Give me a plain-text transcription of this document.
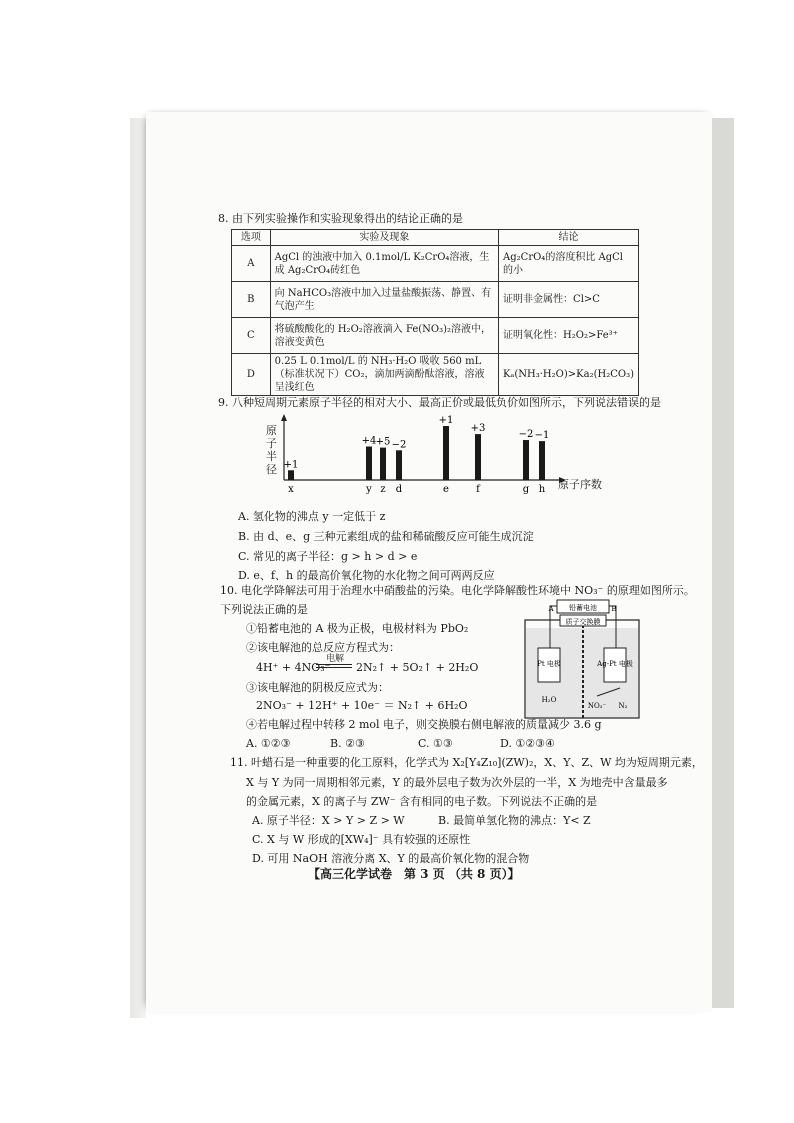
8. 由下列实验操作和实验现象得出的结论正确的是
选项	实验及现象	结论
A	AgCl 的浊液中加入 0.1mol/L K₂CrO₄溶液，生成 Ag₂CrO₄砖红色	Ag₂CrO₄的溶度积比 AgCl 的小
B	向 NaHCO₃溶液中加入过量盐酸振荡、静置、有气泡产生	证明非金属性：Cl>C
C	将硫酸酸化的 H₂O₂溶液滴入 Fe(NO₃)₂溶液中，溶液变黄色	证明氧化性：H₂O₂>Fe³⁺
D	0.25 L 0.1mol/L 的 NH₃·H₂O 吸收 560 mL（标准状况下）CO₂，滴加两滴酚酞溶液，溶液呈浅红色	Kₐ(NH₃·H₂O)>Ka₂(H₂CO₃)
9. 八种短周期元素原子半径的相对大小、最高正价或最低负价如图所示，下列说法错误的是
+1
x
+4
y
+5
z
−2
d
+1
e
+3
f
−2
g
−1
h
原子半径
原子序数
A. 氢化物的沸点 y 一定低于 z
B. 由 d、e、g 三种元素组成的盐和稀硫酸反应可能生成沉淀
C. 常见的离子半径：g > h > d > e
D. e、f、h 的最高价氧化物的水化物之间可两两反应
10. 电化学降解法可用于治理水中硝酸盐的污染。电化学降解酸性环境中 NO₃⁻ 的原理如图所示。
下列说法正确的是
①铅蓄电池的 A 极为正极，电极材料为 PbO₂
②该电解池的总反应方程式为：
4H⁺ + 4NO₃⁻
电解
2N₂↑ + 5O₂↑ + 2H₂O
③该电解池的阴极反应式为：
2NO₃⁻ + 12H⁺ + 10e⁻ ＝ N₂↑ + 6H₂O
④若电解过程中转移 2 mol 电子，则交换膜右侧电解液的质量减少 3.6 g
A. ①②③	B. ②③	C. ①③	D. ①②③④
A 铅蓄电池 B
质子交换膜
Pt 电极	Ag-Pt 电极
H₂O
NO₃⁻ N₂
11. 叶蜡石是一种重要的化工原料，化学式为 X₂[Y₄Z₁₀](ZW)₂，X、Y、Z、W 均为短周期元素，
X 与 Y 为同一周期相邻元素，Y 的最外层电子数为次外层的一半，X 为地壳中含量最多
的金属元素，X 的离子与 ZW⁻ 含有相同的电子数。下列说法不正确的是
A. 原子半径：X > Y > Z > W	B. 最简单氢化物的沸点：Y< Z
C. X 与 W 形成的[XW₄]⁻ 具有较强的还原性
D. 可用 NaOH 溶液分离 X、Y 的最高价氧化物的混合物
【高三化学试卷　第 3 页 （共 8 页）】
